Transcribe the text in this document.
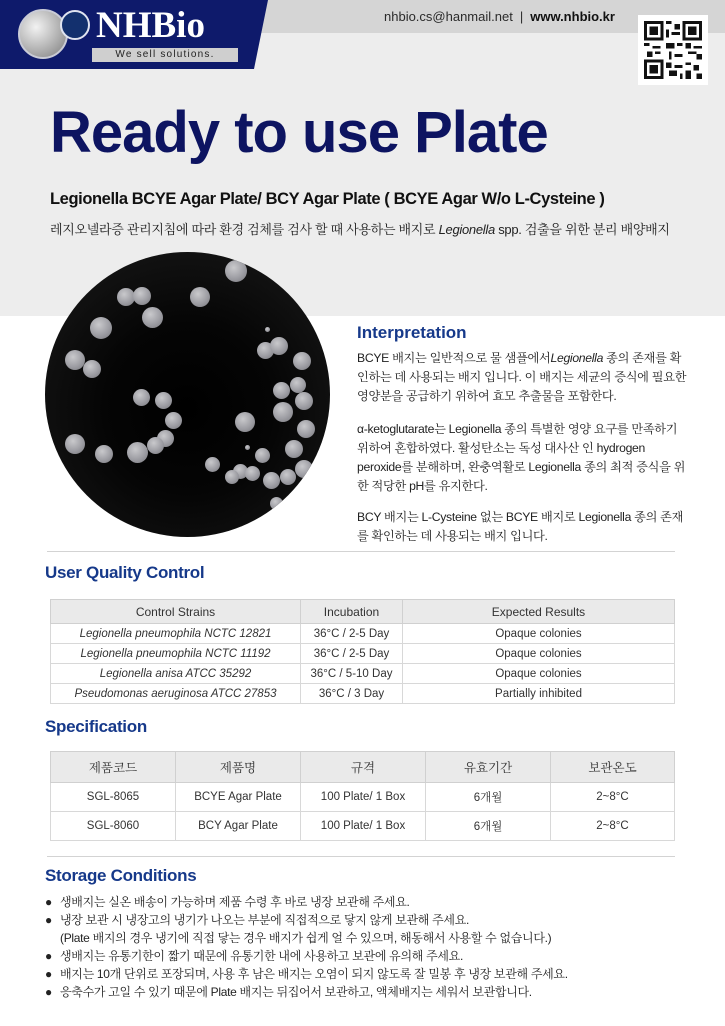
NHBio
We sell solutions.
nhbio.cs@hanmail.net | www.nhbio.kr
Ready to use Plate
Legionella BCYE Agar Plate/ BCY Agar Plate ( BCYE Agar W/o L-Cysteine )
레지오넬라증 관리지침에 따라 환경 검체를 검사 할 때 사용하는 배지로 Legionella spp. 검출을 위한 분리 배양배지
Interpretation

BCYE 배지는 일반적으로 물 샘플에서Legionella 종의 존재를 확인하는 데 사용되는 배지 입니다. 이 배지는 세균의 증식에 필요한 영양분을 공급하기 위하여 효모 추출물을 포함한다.

α-ketoglutarate는 Legionella 종의 특별한 영양 요구를 만족하기 위하여 혼합하였다. 활성탄소는 독성 대사산 인 hydrogen peroxide를 분해하며, 완충역활로 Legionella 종의 최적 증식을 위한 적당한 pH를 유지한다.

BCY 배지는 L-Cysteine 없는 BCYE 배지로 Legionella 종의 존재를 확인하는 데 사용되는 배지 입니다.

User Quality Control
Control Strains	Incubation	Expected Results
Legionella pneumophila NCTC 12821	36°C / 2-5 Day	Opaque colonies
Legionella pneumophila NCTC 11192	36°C / 2-5 Day	Opaque colonies
Legionella anisa ATCC 35292	36°C / 5-10 Day	Opaque colonies
Pseudomonas aeruginosa ATCC 27853	36°C / 3 Day	Partially inhibited
Specification
제품코드	제품명	규격	유효기간	보관온도
SGL-8065	BCYE Agar Plate	100 Plate/ 1 Box	6개월	2~8°C
SGL-8060	BCY Agar Plate	100 Plate/ 1 Box	6개월	2~8°C
Storage Conditions
● 생배지는 실온 배송이 가능하며 제품 수령 후 바로 냉장 보관해 주세요.
● 냉장 보관 시 냉장고의 냉기가 나오는 부분에 직접적으로 닿지 않게 보관해 주세요.
(Plate 배지의 경우 냉기에 직접 닿는 경우 배지가 쉽게 얼 수 있으며, 해동해서 사용할 수 없습니다.)
● 생배지는 유통기한이 짧기 때문에 유통기한 내에 사용하고 보관에 유의해 주세요.
● 배지는 10개 단위로 포장되며, 사용 후 남은 배지는 오염이 되지 않도록 잘 밀봉 후 냉장 보관해 주세요.
● 응축수가 고일 수 있기 때문에 Plate 배지는 뒤집어서 보관하고, 액체배지는 세워서 보관합니다.
